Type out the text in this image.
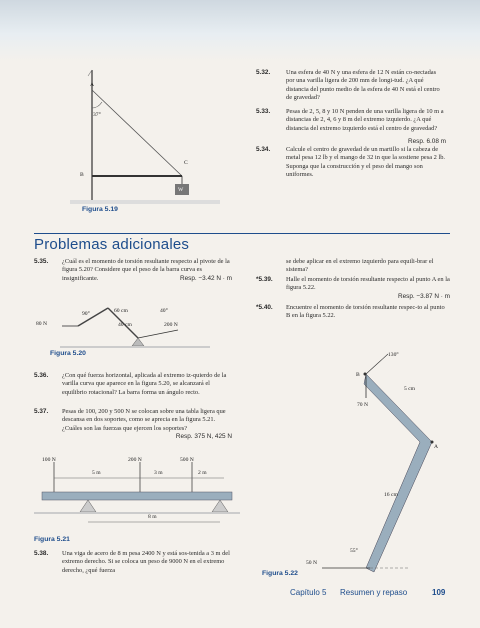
A
37°
B
C
W
Figura 5.19
5.32. Una esfera de 40 N y una esfera de 12 N están co-nectadas por una varilla ligera de 200 mm de longi-tud. ¿A qué distancia del punto medio de la esfera de 40 N está el centro de gravedad?
5.33. Pesas de 2, 5, 8 y 10 N penden de una varilla ligera de 10 m a distancias de 2, 4, 6 y 8 m del extremo izquierdo. ¿A qué distancia del extremo izquierdo está el centro de gravedad?
Resp. 6.08 m
5.34. Calcule el centro de gravedad de un martillo si la cabeza de metal pesa 12 lb y el mango de 32 in que la sostiene pesa 2 lb. Suponga que la construcción y el peso del mango son uniformes.
Problemas adicionales
5.35. ¿Cuál es el momento de torsión resultante respecto al pivote de la figura 5.20? Considere que el peso de la barra curva es insignificante.	Resp. −3.42 N · m
80 N
90°	60 cm
40 cm
40°
200 N
Figura 5.20
5.36. ¿Con qué fuerza horizontal, aplicada al extremo iz-quierdo de la varilla curva que aparece en la figura 5.20, se alcanzará el equilibrio rotacional? La barra forma un ángulo recto.
5.37. Pesas de 100, 200 y 500 N se colocan sobre una tabla ligera que descansa en dos soportes, como se aprecia en la figura 5.21. ¿Cuáles son las fuerzas que ejercen los soportes?
Resp. 375 N, 425 N
100 N	200 N	500 N
5 m	3 m	2 m
8 m
Figura 5.21
5.38. Una viga de acero de 8 m pesa 2400 N y está sos-tenida a 3 m del extremo derecho. Si se coloca un peso de 9000 N en el extremo derecho, ¿qué fuerza
se debe aplicar en el extremo izquierdo para equili-brar el sistema?
*5.39. Halle el momento de torsión resultante respecto al punto A en la figura 5.22.
Resp. −3.87 N · m
*5.40. Encuentre el momento de torsión resultante respec-to al punto B en la figura 5.22.
130°
B
70 N
5 cm
A
16 cm
55°
50 N
Figura 5.22
Capítulo 5 Resumen y repaso	109
